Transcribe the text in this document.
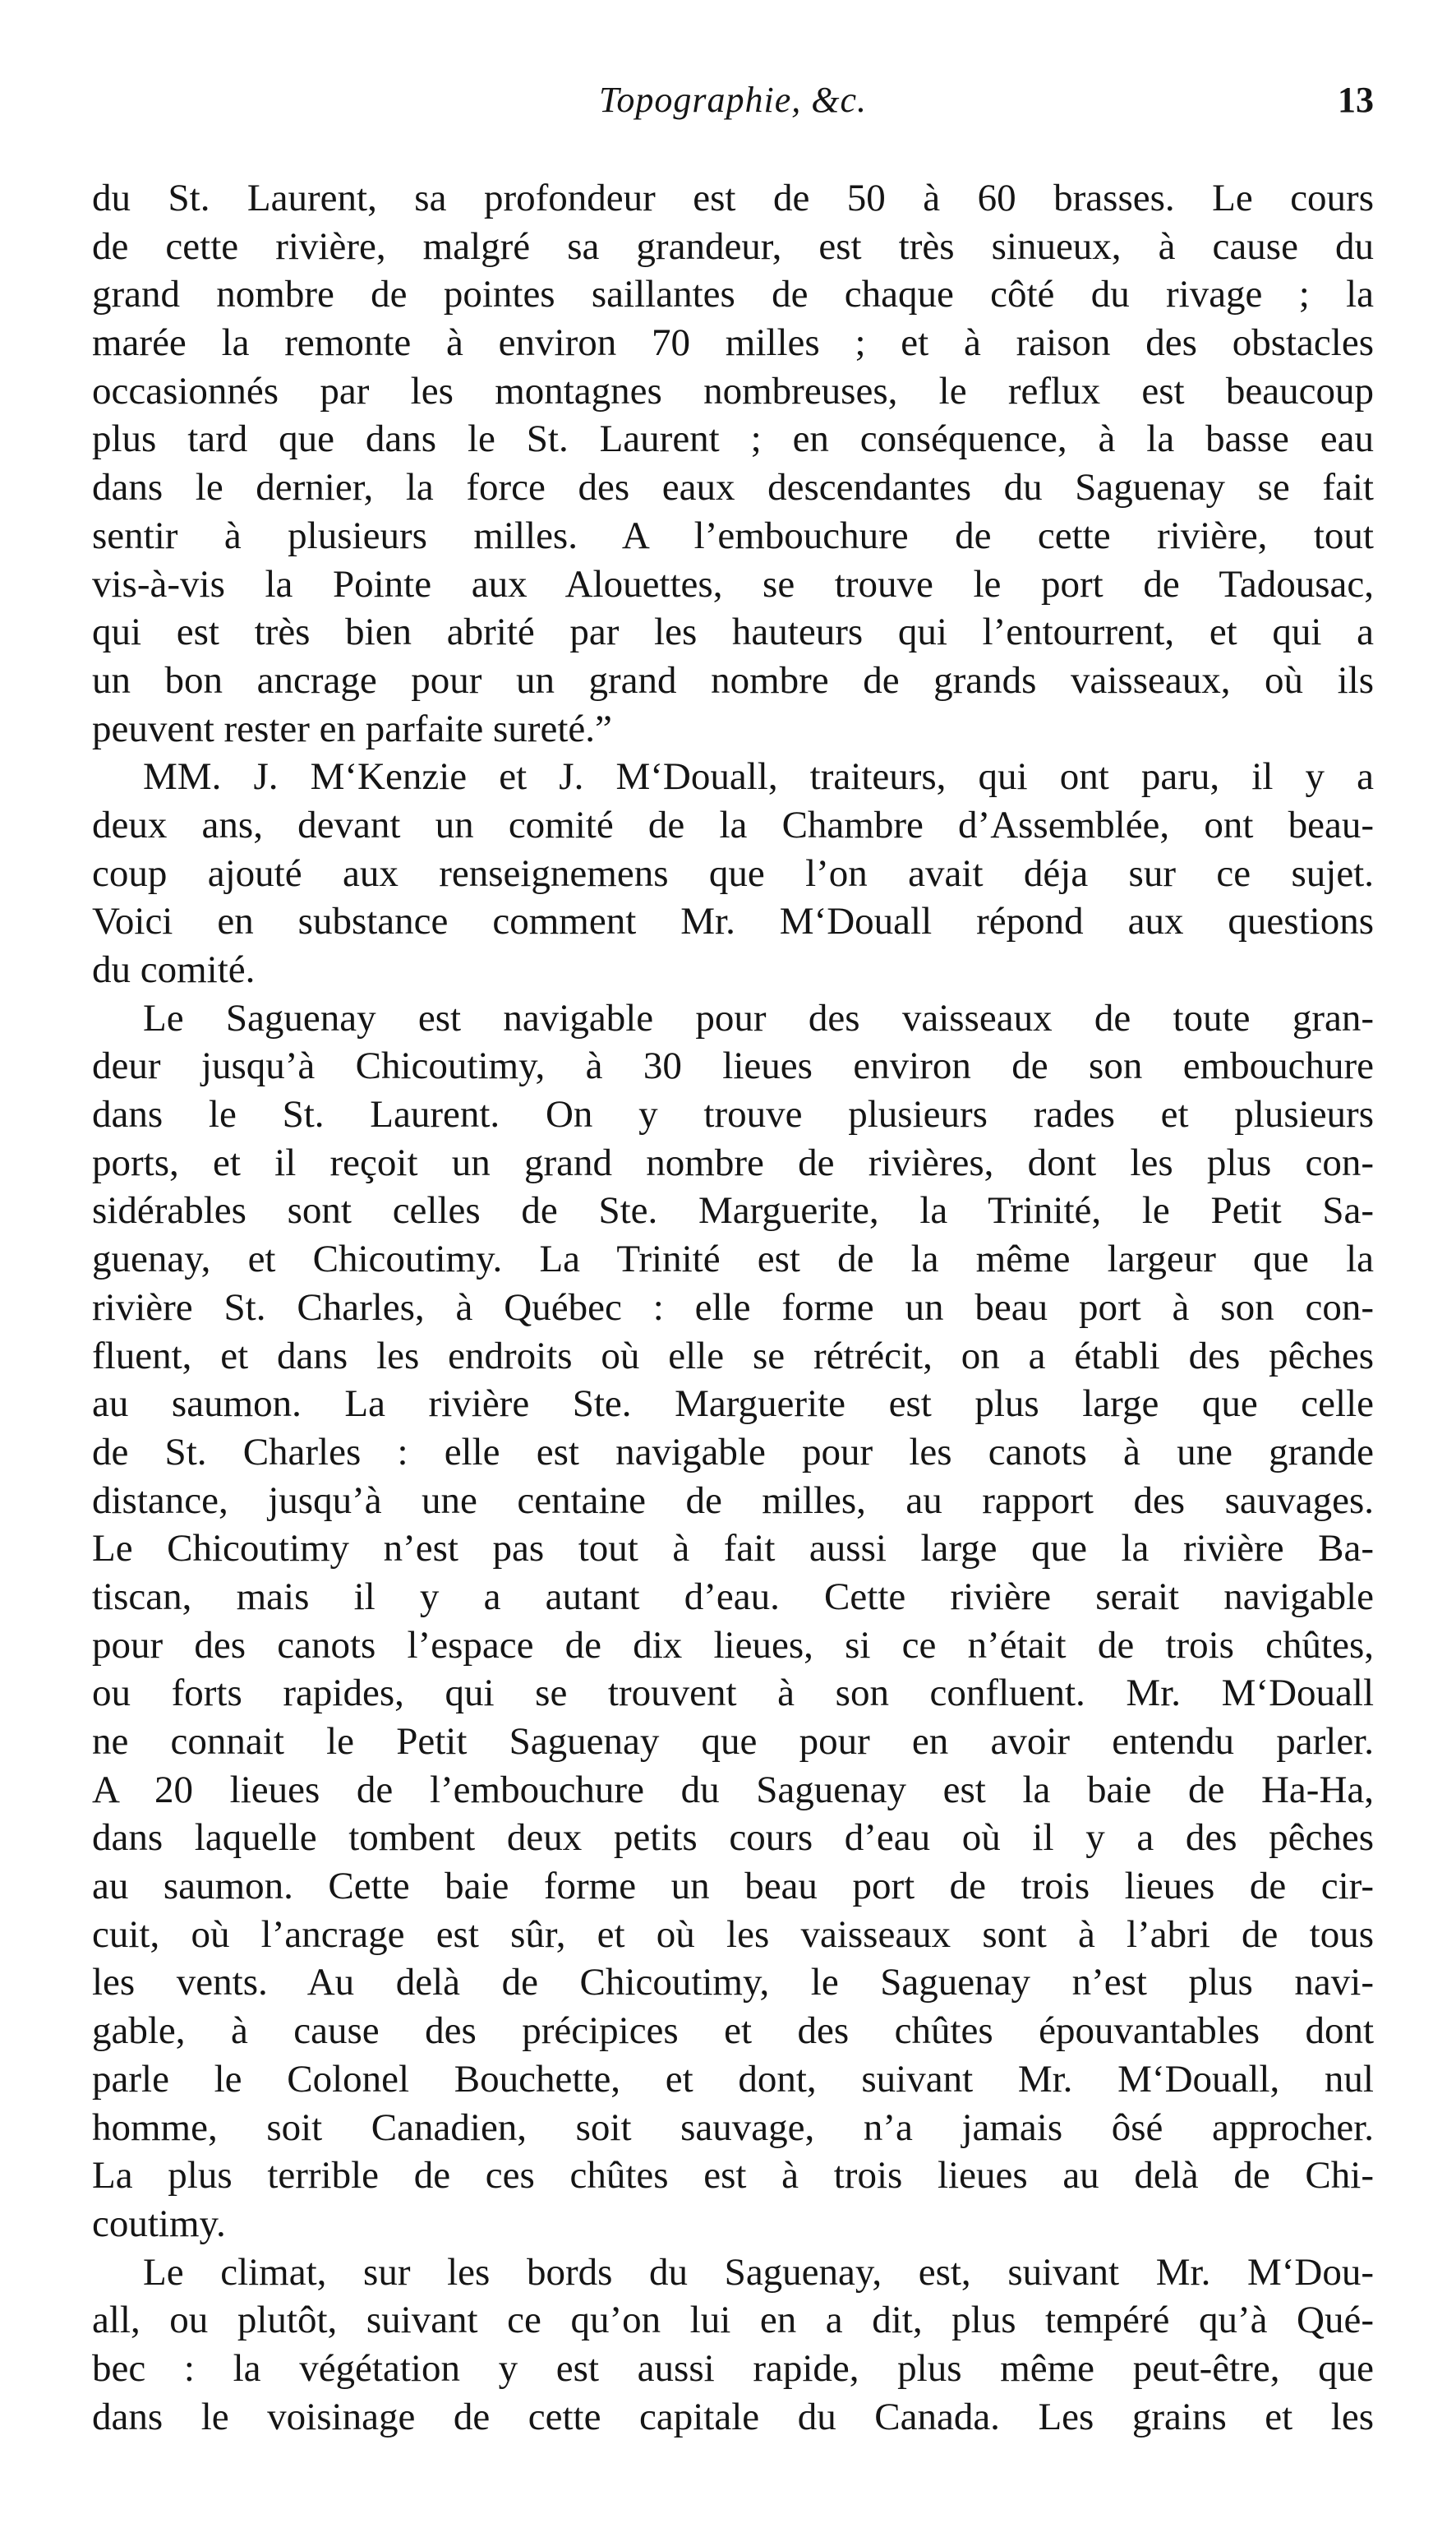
Topographie, &c.	13
du St. Laurent, sa profondeur est de 50 à 60 brasses. Le cours
de cette rivière, malgré sa grandeur, est très sinueux, à cause du
grand nombre de pointes saillantes de chaque côté du rivage ; la
marée la remonte à environ 70 milles ; et à raison des obstacles
occasionnés par les montagnes nombreuses, le reflux est beaucoup
plus tard que dans le St. Laurent ; en conséquence, à la basse eau
dans le dernier, la force des eaux descendantes du Saguenay se fait
sentir à plusieurs milles. A l’embouchure de cette rivière, tout
vis-à-vis la Pointe aux Alouettes, se trouve le port de Tadousac,
qui est très bien abrité par les hauteurs qui l’entourrent, et qui a
un bon ancrage pour un grand nombre de grands vaisseaux, où ils
peuvent rester en parfaite sureté.”
MM. J. M‘Kenzie et J. M‘Douall, traiteurs, qui ont paru, il y a
deux ans, devant un comité de la Chambre d’Assemblée, ont beau-
coup ajouté aux renseignemens que l’on avait déja sur ce sujet.
Voici en substance comment Mr. M‘Douall répond aux questions
du comité.
Le Saguenay est navigable pour des vaisseaux de toute gran-
deur jusqu’à Chicoutimy, à 30 lieues environ de son embouchure
dans le St. Laurent. On y trouve plusieurs rades et plusieurs
ports, et il reçoit un grand nombre de rivières, dont les plus con-
sidérables sont celles de Ste. Marguerite, la Trinité, le Petit Sa-
guenay, et Chicoutimy. La Trinité est de la même largeur que la
rivière St. Charles, à Québec : elle forme un beau port à son con-
fluent, et dans les endroits où elle se rétrécit, on a établi des pêches
au saumon. La rivière Ste. Marguerite est plus large que celle
de St. Charles : elle est navigable pour les canots à une grande
distance, jusqu’à une centaine de milles, au rapport des sauvages.
Le Chicoutimy n’est pas tout à fait aussi large que la rivière Ba-
tiscan, mais il y a autant d’eau. Cette rivière serait navigable
pour des canots l’espace de dix lieues, si ce n’était de trois chûtes,
ou forts rapides, qui se trouvent à son confluent. Mr. M‘Douall
ne connait le Petit Saguenay que pour en avoir entendu parler.
A 20 lieues de l’embouchure du Saguenay est la baie de Ha-Ha,
dans laquelle tombent deux petits cours d’eau où il y a des pêches
au saumon. Cette baie forme un beau port de trois lieues de cir-
cuit, où l’ancrage est sûr, et où les vaisseaux sont à l’abri de tous
les vents. Au delà de Chicoutimy, le Saguenay n’est plus navi-
gable, à cause des précipices et des chûtes épouvantables dont
parle le Colonel Bouchette, et dont, suivant Mr. M‘Douall, nul
homme, soit Canadien, soit sauvage, n’a jamais ôsé approcher.
La plus terrible de ces chûtes est à trois lieues au delà de Chi-
coutimy.
Le climat, sur les bords du Saguenay, est, suivant Mr. M‘Dou-
all, ou plutôt, suivant ce qu’on lui en a dit, plus tempéré qu’à Qué-
bec : la végétation y est aussi rapide, plus même peut-être, que
dans le voisinage de cette capitale du Canada. Les grains et les
